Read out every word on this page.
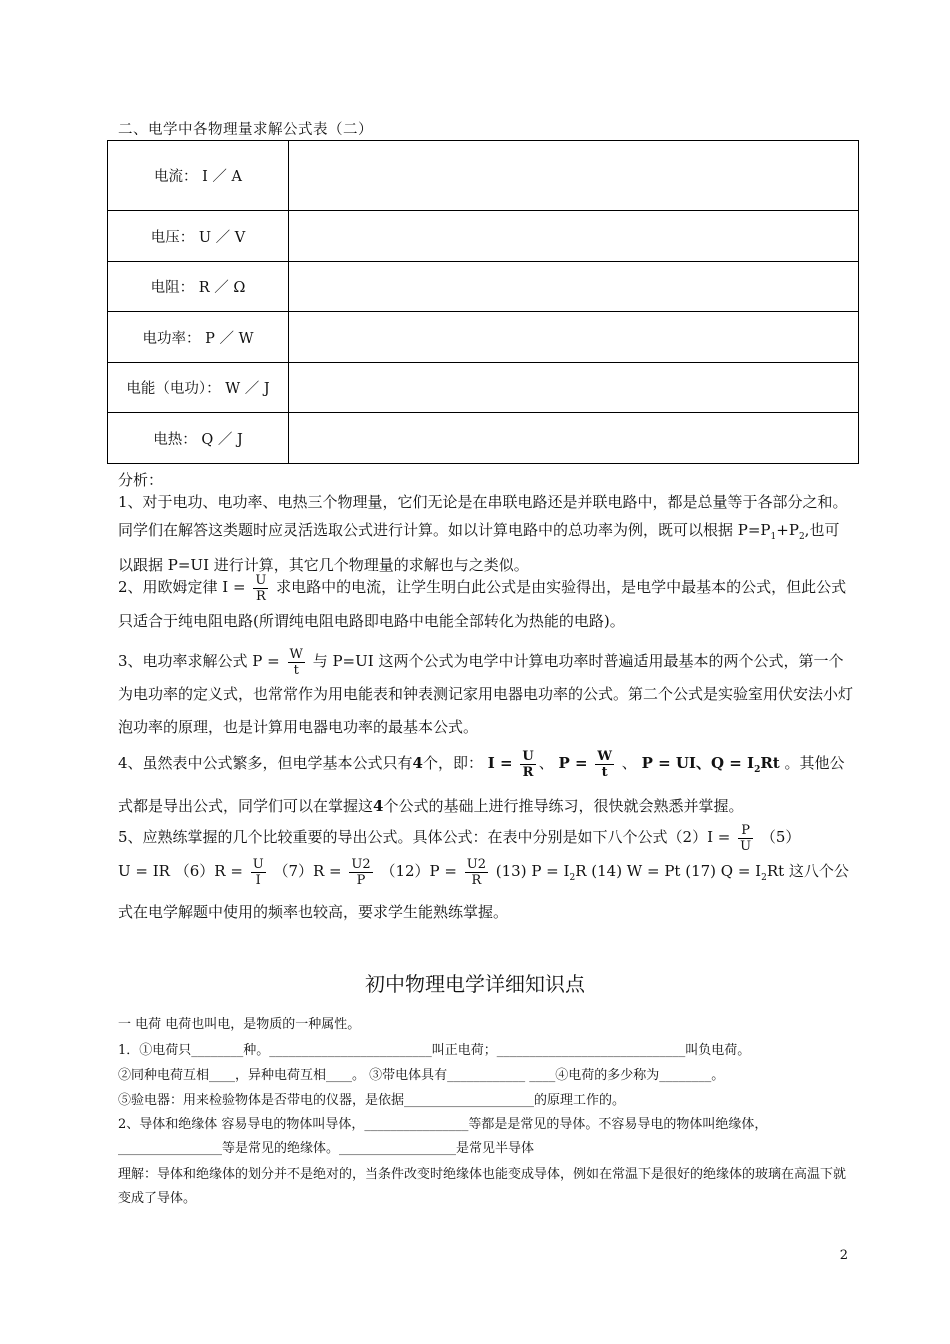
二、电学中各物理量求解公式表（二）
电流： I ／ A	
电压： U ／ V	
电阻： R ／ Ω	
电功率： P ／ W	
电能（电功）： W ／ J	
电热： Q ／ J	
分析：
1、对于电功、电功率、电热三个物理量，它们无论是在串联电路还是并联电路中，都是总量等于各部分之和。同学们在解答这类题时应灵活选取公式进行计算。如以计算电路中的总功率为例，既可以根据 $P=P_1+P_2$,也可以跟据 P=UI 进行计算，其它几个物理量的求解也与之类似。
2、用欧姆定律 $I = \frac{U}{R}$ 求电路中的电流，让学生明白此公式是由实验得出，是电学中最基本的公式，但此公式只适合于纯电阻电路(所谓纯电阻电路即电路中电能全部转化为热能的电路)。
3、电功率求解公式 $P = \frac{W}{t}$ 与 P=UI 这两个公式为电学中计算电功率时普遍适用最基本的两个公式，第一个为电功率的定义式，也常常作为用电能表和钟表测记家用电器电功率的公式。第二个公式是实验室用伏安法小灯泡功率的原理，也是计算用电器电功率的最基本公式。
4、虽然表中公式繁多，但电学基本公式只有4个，即： $I = \frac{U}{R}$ 、 $P = \frac{W}{t}$ 、 P = UI、$Q = I_2Rt$ 。其他公式都是导出公式，同学们可以在掌握这4个公式的基础上进行推导练习，很快就会熟悉并掌握。
5、应熟练掌握的几个比较重要的导出公式。具体公式：在表中分别是如下八个公式$(2)I = \frac{P}{U} (5)$
U = IR $(6)R = \frac{U}{I} (7)R = \frac{U2}{P} (12)P = \frac{U2}{R} (13) P = I_2R$ (14) W = Pt (17) $Q = I_2Rt$ 这八个公式在电学解题中使用的频率也较高，要求学生能熟练掌握。
初中物理电学详细知识点
一 电荷 电荷也叫电，是物质的一种属性。
1．①电荷只________种。_________________________叫正电荷；_____________________________叫负电荷。
②同种电荷互相____，异种电荷互相____。 ③带电体具有____________ ____④电荷的多少称为________。
⑤验电器：用来检验物体是否带电的仪器，是依据____________________的原理工作的。
2、导体和绝缘体 容易导电的物体叫导体，________________等都是是常见的导体。不容易导电的物体叫绝缘体，________________等是常见的绝缘体。__________________是常见半导体
理解：导体和绝缘体的划分并不是绝对的，当条件改变时绝缘体也能变成导体，例如在常温下是很好的绝缘体的玻璃在高温下就变成了导体。
2
